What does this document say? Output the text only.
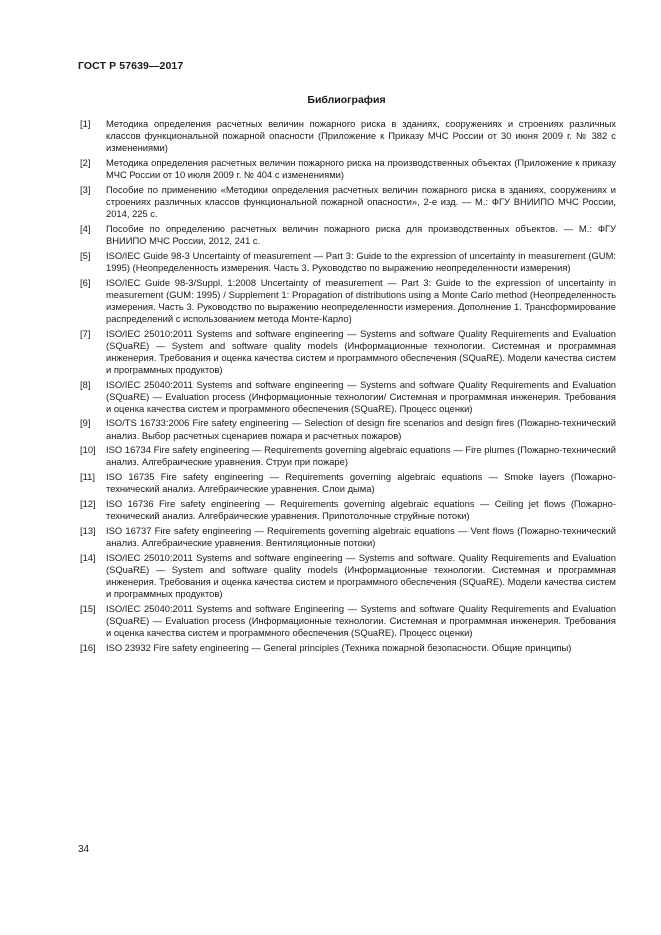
ГОСТ Р 57639—2017
Библиография
[1]	Методика определения расчетных величин пожарного риска в зданиях, сооружениях и строениях различных классов функциональной пожарной опасности (Приложение к Приказу МЧС России от 30 июня 2009 г. № 382 с изменениями)
[2]	Методика определения расчетных величин пожарного риска на производственных объектах (Приложение к приказу МЧС России от 10 июля 2009 г. № 404 с изменениями)
[3]	Пособие по применению «Методики определения расчетных величин пожарного риска в зданиях, сооружениях и строениях различных классов функциональной пожарной опасности», 2-е изд. — М.: ФГУ ВНИИПО МЧС России, 2014, 225 с.
[4]	Пособие по определению расчетных величин пожарного риска для производственных объектов. — М.: ФГУ ВНИИПО МЧС России, 2012, 241 с.
[5]	ISO/IEC Guide 98-3 Uncertainty of measurement — Part 3: Guide to the expression of uncertainty in measurement (GUM: 1995) (Неопределенность измерения. Часть 3. Руководство по выражению неопределенности измерения)
[6]	ISO/IEC Guide 98-3/Suppl. 1:2008 Uncertainty of measurement — Part 3: Guide to the expression of uncertainty in measurement (GUM: 1995) / Supplement 1: Propagation of distributions using a Monte Carlo method (Неопределенность измерения. Часть 3. Руководство по выражению неопределенности измерения. Дополнение 1. Трансформирование распределений с использованием метода Монте-Карло)
[7]	ISO/IEC 25010:2011 Systems and software engineering — Systems and software Quality Requirements and Evaluation (SQuaRE) — System and software quality models (Информационные технологии. Системная и программная инженерия. Требования и оценка качества систем и программного обеспечения (SQuaRE). Модели качества систем и программных продуктов)
[8]	ISO/IEC 25040:2011 Systems and software engineering — Systems and software Quality Requirements and Evaluation (SQuaRE) — Evaluation process (Информационные технологии/ Системная и программная инженерия. Требования и оценка качества систем и программного обеспечения (SQuaRE). Процесс оценки)
[9]	ISO/TS 16733:2006 Fire safety engineering — Selection of design fire scenarios and design fires (Пожарно-технический анализ. Выбор расчетных сценариев пожара и расчетных пожаров)
[10]	ISO 16734 Fire safety engineering — Requirements governing algebraic equations — Fire plumes (Пожарно-технический анализ. Алгебраические уравнения. Струи при пожаре)
[11]	ISO 16735 Fire safety engineering — Requirements governing algebraic equations — Smoke layers (Пожарно-технический анализ. Алгебраические уравнения. Слои дыма)
[12]	ISO 16736 Fire safety engineering — Requirements governing algebraic equations — Ceiling jet flows (Пожарно-технический анализ. Алгебраические уравнения. Припотолочные струйные потоки)
[13]	ISO 16737 Fire safety engineering — Requirements governing algebraic equations — Vent flows (Пожарно-технический анализ. Алгебраические уравнения. Вентиляционные потоки)
[14]	ISO/IEC 25010:2011 Systems and software engineering — Systems and software. Quality Requirements and Evaluation (SQuaRE) — System and software quality models (Информационные технологии. Системная и программная инженерия. Требования и оценка качества систем и программного обеспечения (SQuaRE). Модели качества систем и программных продуктов)
[15]	ISO/IEC 25040:2011 Systems and software Engineering — Systems and software Quality Requirements and Evaluation (SQuaRE) — Evaluation process (Информационные технологии. Системная и программная инженерия. Требования и оценка качества систем и программного обеспечения (SQuaRE). Процесс оценки)
[16]	ISO 23932 Fire safety engineering — General principles (Техника пожарной безопасности. Общие принципы)
34
